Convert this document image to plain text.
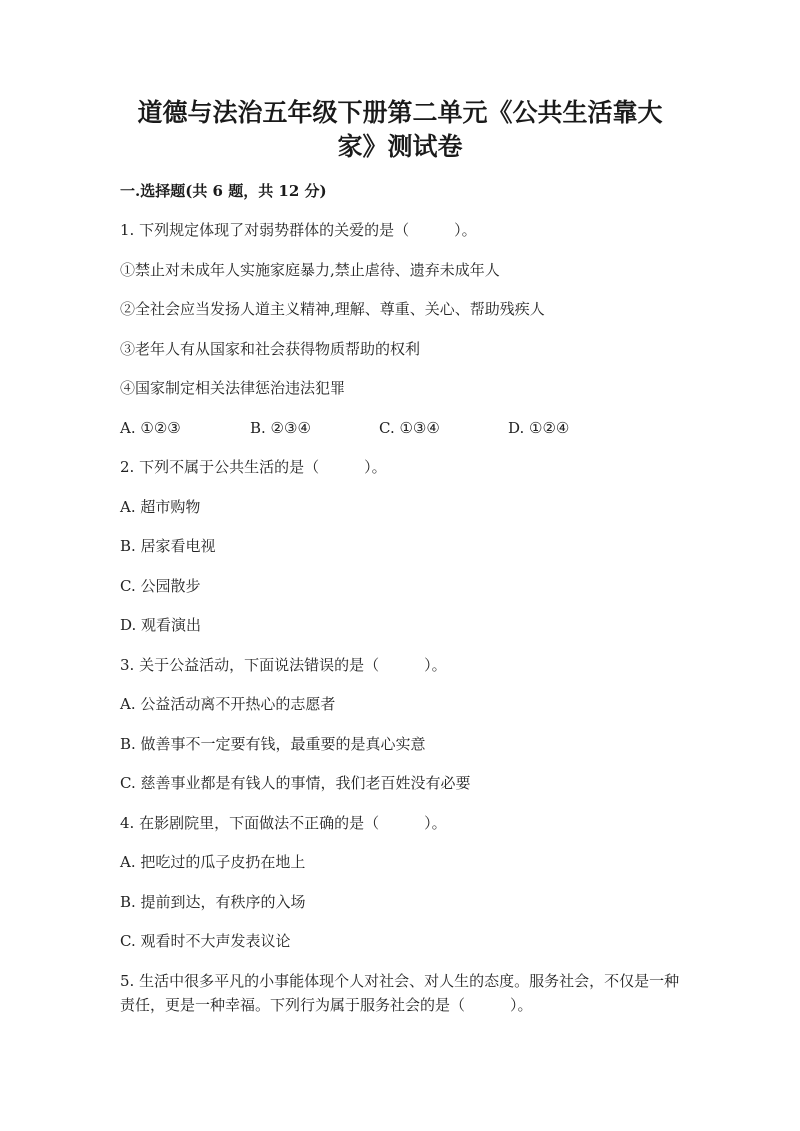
道德与法治五年级下册第二单元《公共生活靠大
家》测试卷
一.选择题(共 6 题，共 12 分)
1. 下列规定体现了对弱势群体的关爱的是（　　　）。
①禁止对未成年人实施家庭暴力,禁止虐待、遗弃未成年人
②全社会应当发扬人道主义精神,理解、尊重、关心、帮助残疾人
③老年人有从国家和社会获得物质帮助的权利
④国家制定相关法律惩治违法犯罪
A. ①②③	B. ②③④	C. ①③④	D. ①②④
2. 下列不属于公共生活的是（　　　）。
A. 超市购物
B. 居家看电视
C. 公园散步
D. 观看演出
3. 关于公益活动，下面说法错误的是（　　　）。
A. 公益活动离不开热心的志愿者
B. 做善事不一定要有钱，最重要的是真心实意
C. 慈善事业都是有钱人的事情，我们老百姓没有必要
4. 在影剧院里，下面做法不正确的是（　　　）。
A. 把吃过的瓜子皮扔在地上
B. 提前到达，有秩序的入场
C. 观看时不大声发表议论
5. 生活中很多平凡的小事能体现个人对社会、对人生的态度。服务社会，不仅是一种责任，更是一种幸福。下列行为属于服务社会的是（　　　）。
